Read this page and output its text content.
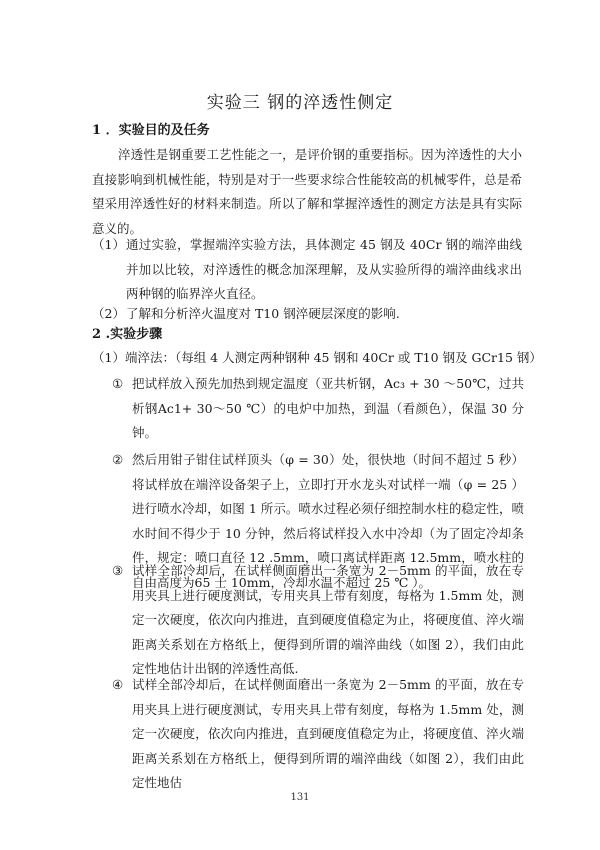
实验三 钢的淬透性侧定
1 ．实验目的及任务
淬透性是钢重要工艺性能之一，是评价钢的重要指标。因为淬透性的大小直接影响到机械性能，特别是对于一些要求综合性能较高的机械零件，总是希望采用淬透性好的材料来制造。所以了解和掌握淬透性的测定方法是具有实际意义的。
（1） 通过实验，掌握端淬实验方法，具体测定 45 钢及 40Cr 钢的端淬曲线并加以比较，对淬透性的概念加深理解，及从实验所得的端淬曲线求出两种钢的临界淬火直径。
（2） 了解和分析淬火温度对 T10 钢淬硬层深度的影响.
2 .实验步骤
（1）端淬法：（每组 4 人测定两种钢种 45 钢和 40Cr 或 T10 钢及 GCr15 钢）
① 把试样放入预先加热到规定温度（亚共析钢，Ac₃ + 30 ～50℃，过共析钢Ac1+ 30～50 ℃）的电炉中加热，到温（看颜色），保温 30 分钟。
② 然后用钳子钳住试样顶头（φ = 30）处，很快地（时间不超过 5 秒）将试样放在端淬设备架子上，立即打开水龙头对试样一端（φ = 25 ）进行喷水冷却，如图 1 所示。喷水过程必须仔细控制水柱的稳定性，喷水时间不得少于 10 分钟，然后将试样投入水中冷却（为了固定冷却条件，规定：喷口直径 12 .5mm，喷口离试样距离 12.5mm，喷水柱的自由高度为65 士 10mm，冷却水温不超过 25 ℃ ）。
③ 试样全部冷却后，在试样侧面磨出一条宽为 2－5mm 的平面，放在专用夹具上进行硬度测试，专用夹具上带有刻度，每格为 1.5mm 处，测定一次硬度，依次向内推进，直到硬度值稳定为止，将硬度值、淬火端距离关系划在方格纸上，便得到所谓的端淬曲线（如图 2），我们由此定性地估计出钢的淬透性高低.
④ 试样全部冷却后，在试样侧面磨出一条宽为 2－5mm 的平面，放在专用夹具上进行硬度测试，专用夹具上带有刻度，每格为 1.5mm 处，测定一次硬度，依次向内推进，直到硬度值稳定为止，将硬度值、淬火端距离关系划在方格纸上，便得到所谓的端淬曲线（如图 2），我们由此定性地估
131
